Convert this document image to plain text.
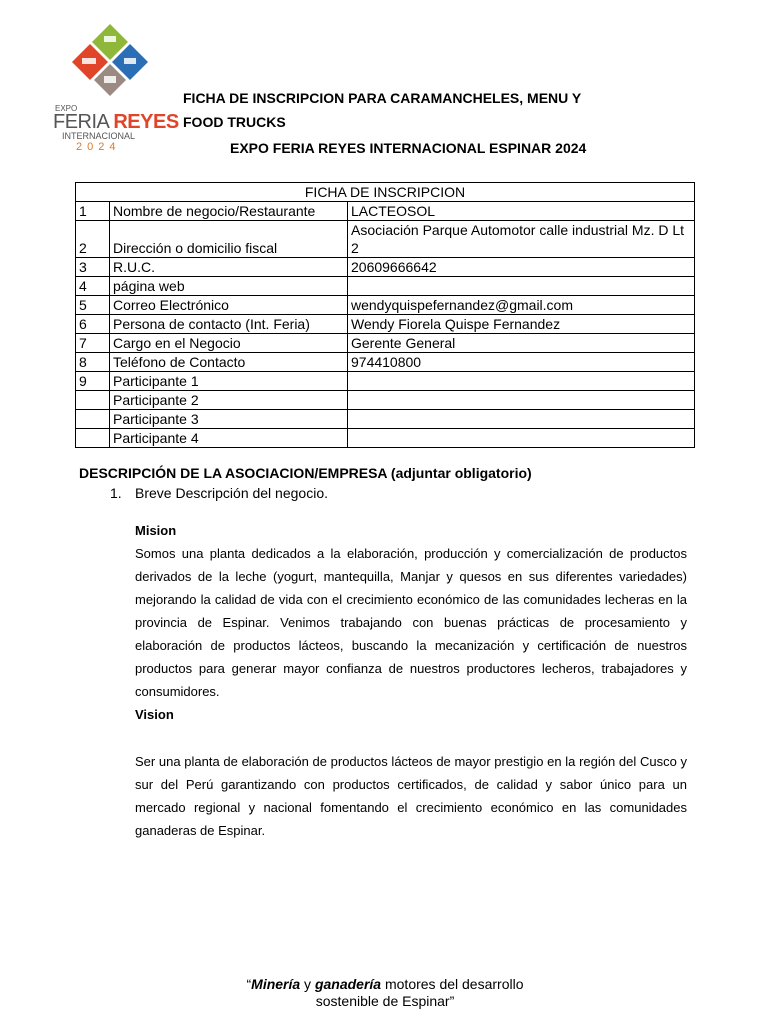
EXPO
FERIA REYES
INTERNACIONAL
2024
FICHA DE INSCRIPCION PARA CARAMANCHELES, MENU Y
FOOD TRUCKS
EXPO FERIA REYES INTERNACIONAL ESPINAR 2024
FICHA DE INSCRIPCION		
1	Nombre de negocio/Restaurante	LACTEOSOL
2	Dirección o domicilio fiscal	Asociación Parque Automotor calle industrial Mz. D Lt 2
3	R.U.C.	20609666642
4	página web	
5	Correo Electrónico	wendyquispefernandez@gmail.com
6	Persona de contacto (Int. Feria)	Wendy Fiorela Quispe Fernandez
7	Cargo en el Negocio	Gerente General
8	Teléfono de Contacto	974410800
9	Participante 1	
	Participante 2	
	Participante 3	
	Participante 4	
DESCRIPCIÓN DE LA ASOCIACION/EMPRESA (adjuntar obligatorio)
1. Breve Descripción del negocio.
Mision
Somos una planta dedicados a la elaboración, producción y comercialización de productos derivados de la leche (yogurt, mantequilla, Manjar y quesos en sus diferentes variedades) mejorando la calidad de vida con el crecimiento económico de las comunidades lecheras en la provincia de Espinar. Venimos trabajando con buenas prácticas de procesamiento y elaboración de productos lácteos, buscando la mecanización y certificación de nuestros productos para generar mayor confianza de nuestros productores lecheros, trabajadores y consumidores.
Vision
Ser una planta de elaboración de productos lácteos de mayor prestigio en la región del Cusco y sur del Perú garantizando con productos certificados, de calidad y sabor único para un mercado regional y nacional fomentando el crecimiento económico en las comunidades ganaderas de Espinar.
“Minería y ganadería motores del desarrollo
sostenible de Espinar”
